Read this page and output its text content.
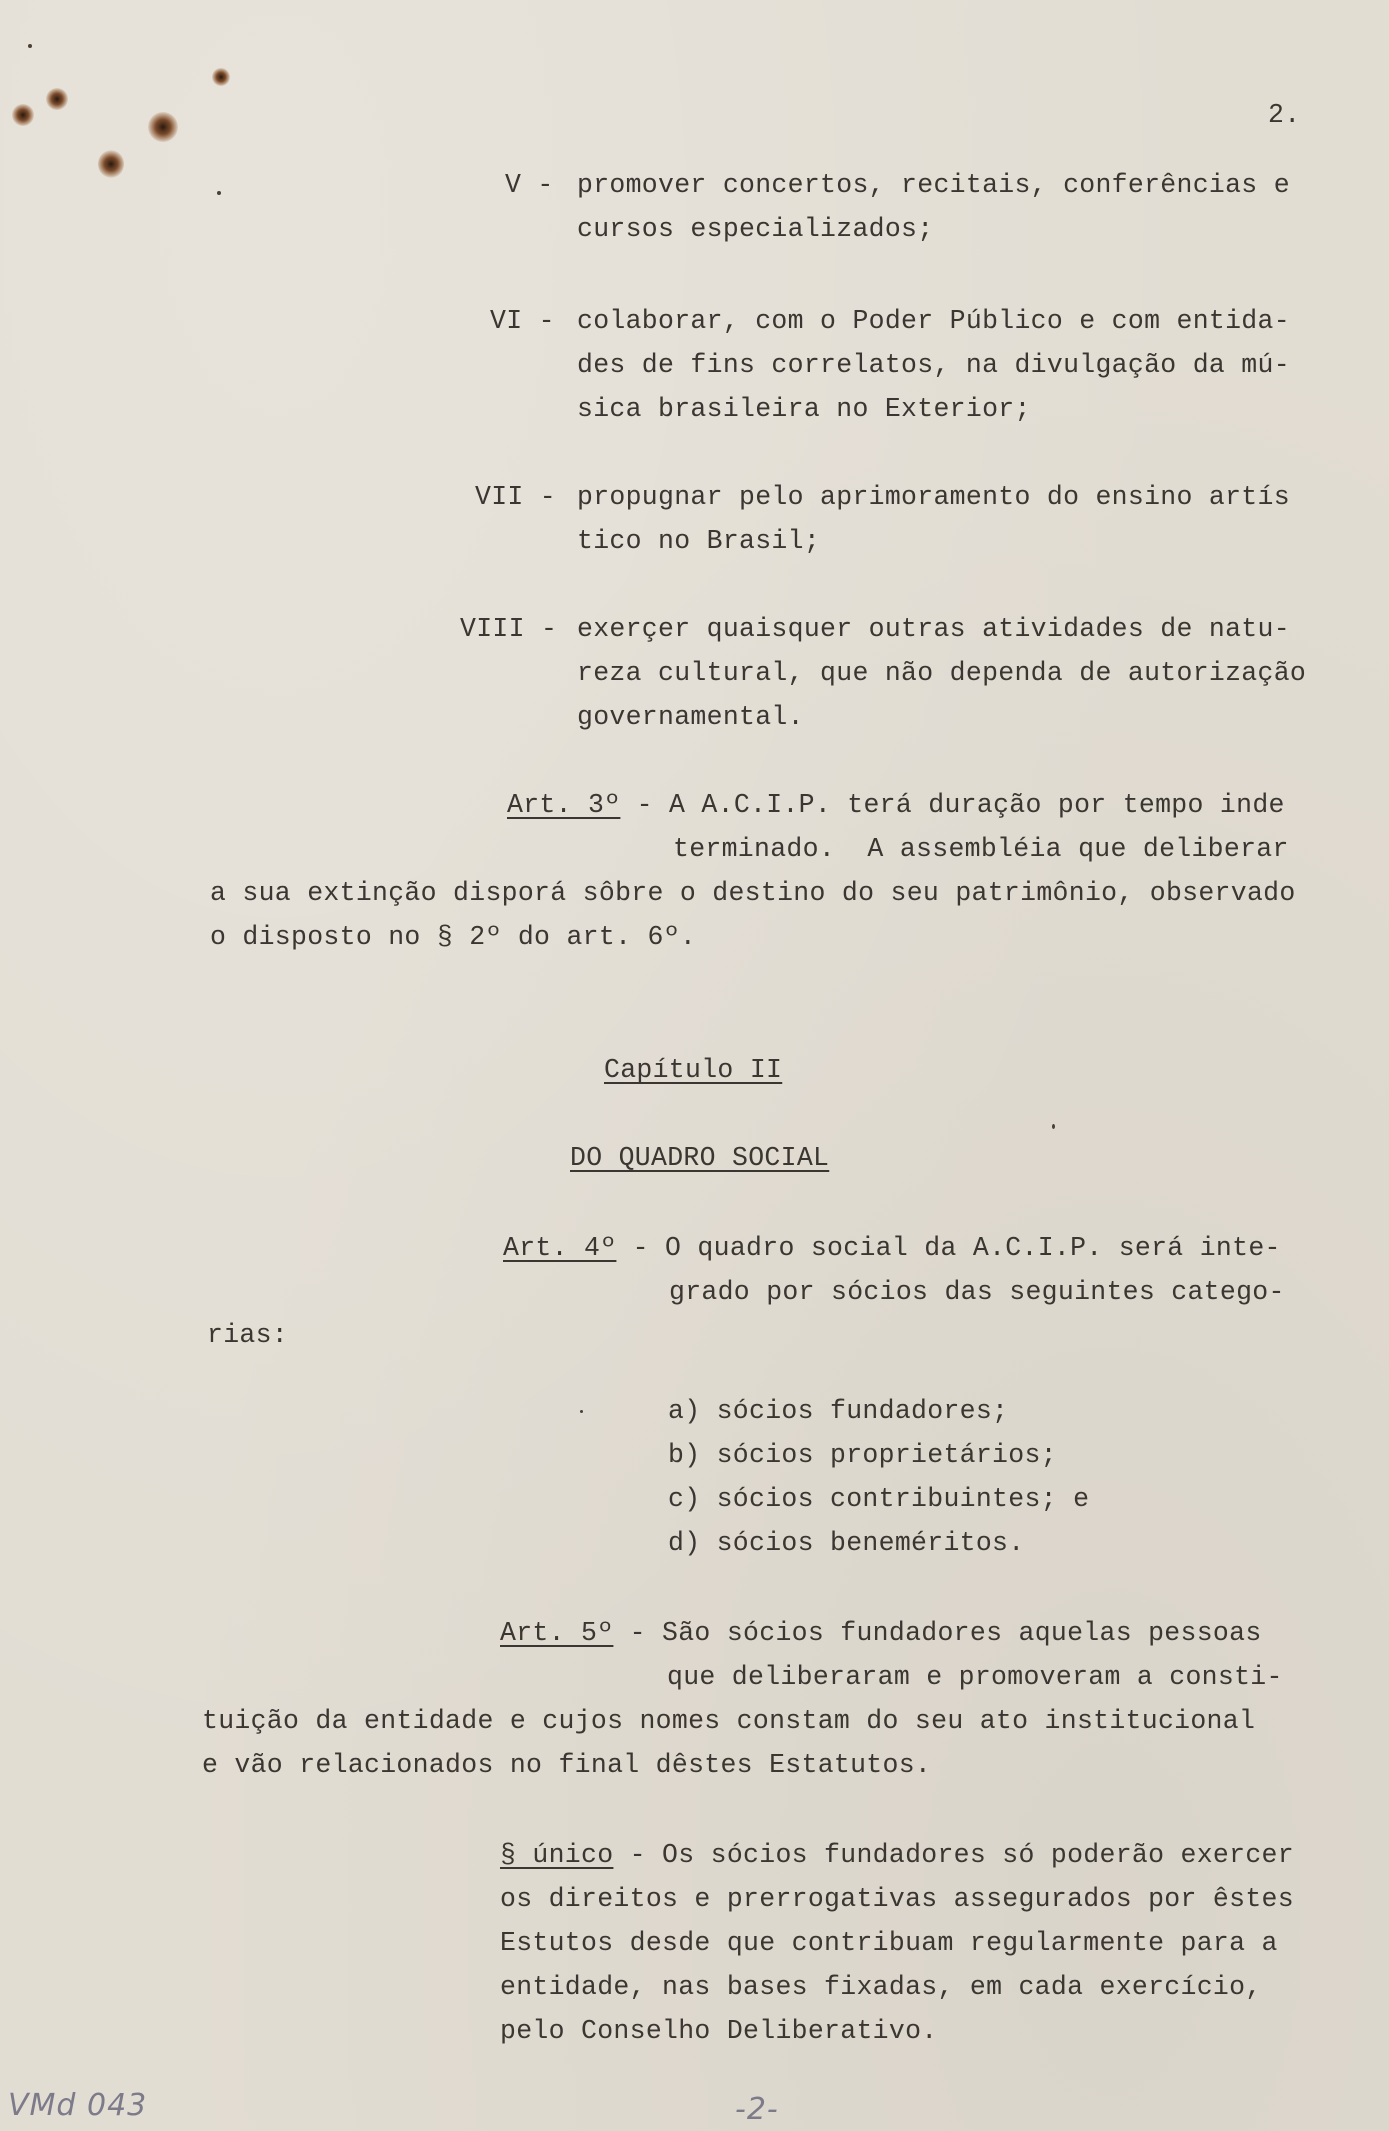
2.
V - promover concertos, recitais, conferências e
cursos especializados;
VI - colaborar, com o Poder Público e com entida-
des de fins correlatos, na divulgação da mú-
sica brasileira no Exterior;
VII - propugnar pelo aprimoramento do ensino artís
tico no Brasil;
VIII - exerçer quaisquer outras atividades de natu-
reza cultural, que não dependa de autorização
governamental.
Art. 3º - A A.C.I.P. terá duração por tempo inde
terminado.  A assembléia que deliberar
a sua extinção disporá sôbre o destino do seu patrimônio, observado
o disposto no § 2º do art. 6º.
Capítulo II
DO QUADRO SOCIAL
Art. 4º - O quadro social da A.C.I.P. será inte-
grado por sócios das seguintes catego-
rias:
a) sócios fundadores;
b) sócios proprietários;
c) sócios contribuintes; e
d) sócios beneméritos.
Art. 5º - São sócios fundadores aquelas pessoas
que deliberaram e promoveram a consti-
tuição da entidade e cujos nomes constam do seu ato institucional
e vão relacionados no final dêstes Estatutos.
§ único - Os sócios fundadores só poderão exercer
os direitos e prerrogativas assegurados por êstes
Estutos desde que contribuam regularmente para a
entidade, nas bases fixadas, em cada exercício,
pelo Conselho Deliberativo.
VMd 043	-2-
